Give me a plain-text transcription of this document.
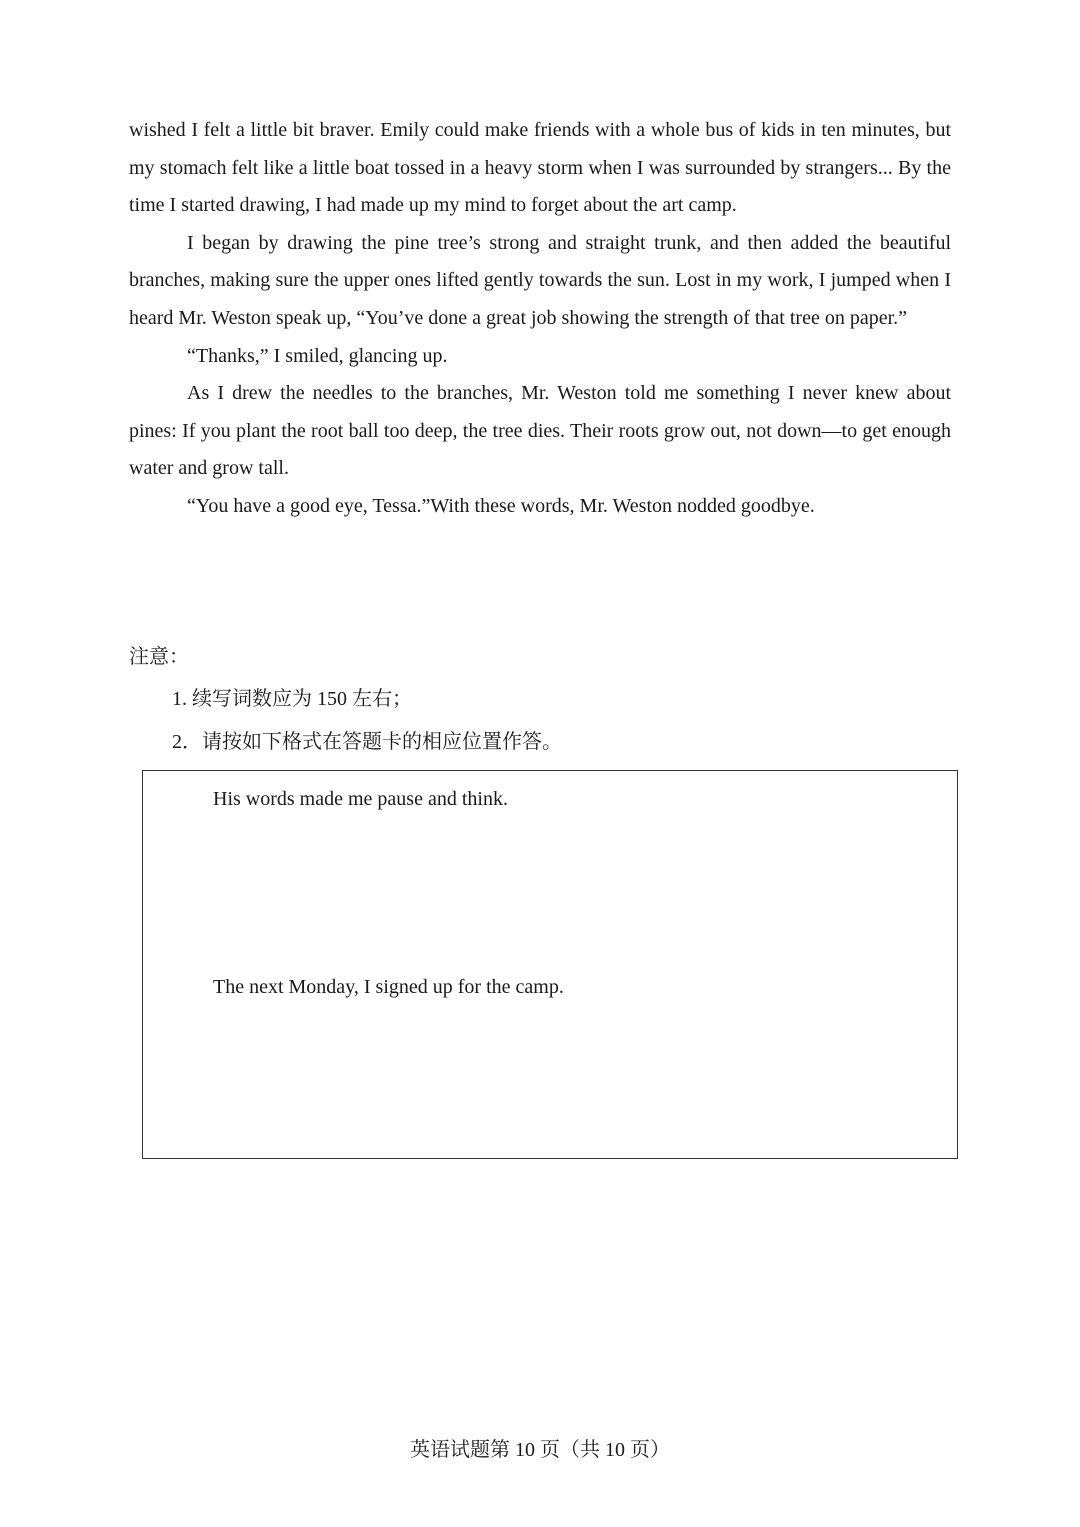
wished I felt a little bit braver. Emily could make friends with a whole bus of kids in ten minutes, but my stomach felt like a little boat tossed in a heavy storm when I was surrounded by strangers... By the time I started drawing, I had made up my mind to forget about the art camp.

I began by drawing the pine tree’s strong and straight trunk, and then added the beautiful branches, making sure the upper ones lifted gently towards the sun. Lost in my work, I jumped when I heard Mr. Weston speak up, “You’ve done a great job showing the strength of that tree on paper.”

“Thanks,” I smiled, glancing up.

As I drew the needles to the branches, Mr. Weston told me something I never knew about pines: If you plant the root ball too deep, the tree dies. Their roots grow out, not down—to get enough water and grow tall.

“You have a good eye, Tessa.”With these words, Mr. Weston nodded goodbye.

注意：
1. 续写词数应为 150 左右；
2．请按如下格式在答题卡的相应位置作答。
His words made me pause and think.
The next Monday, I signed up for the camp.
英语试题第 10 页（共 10 页）
